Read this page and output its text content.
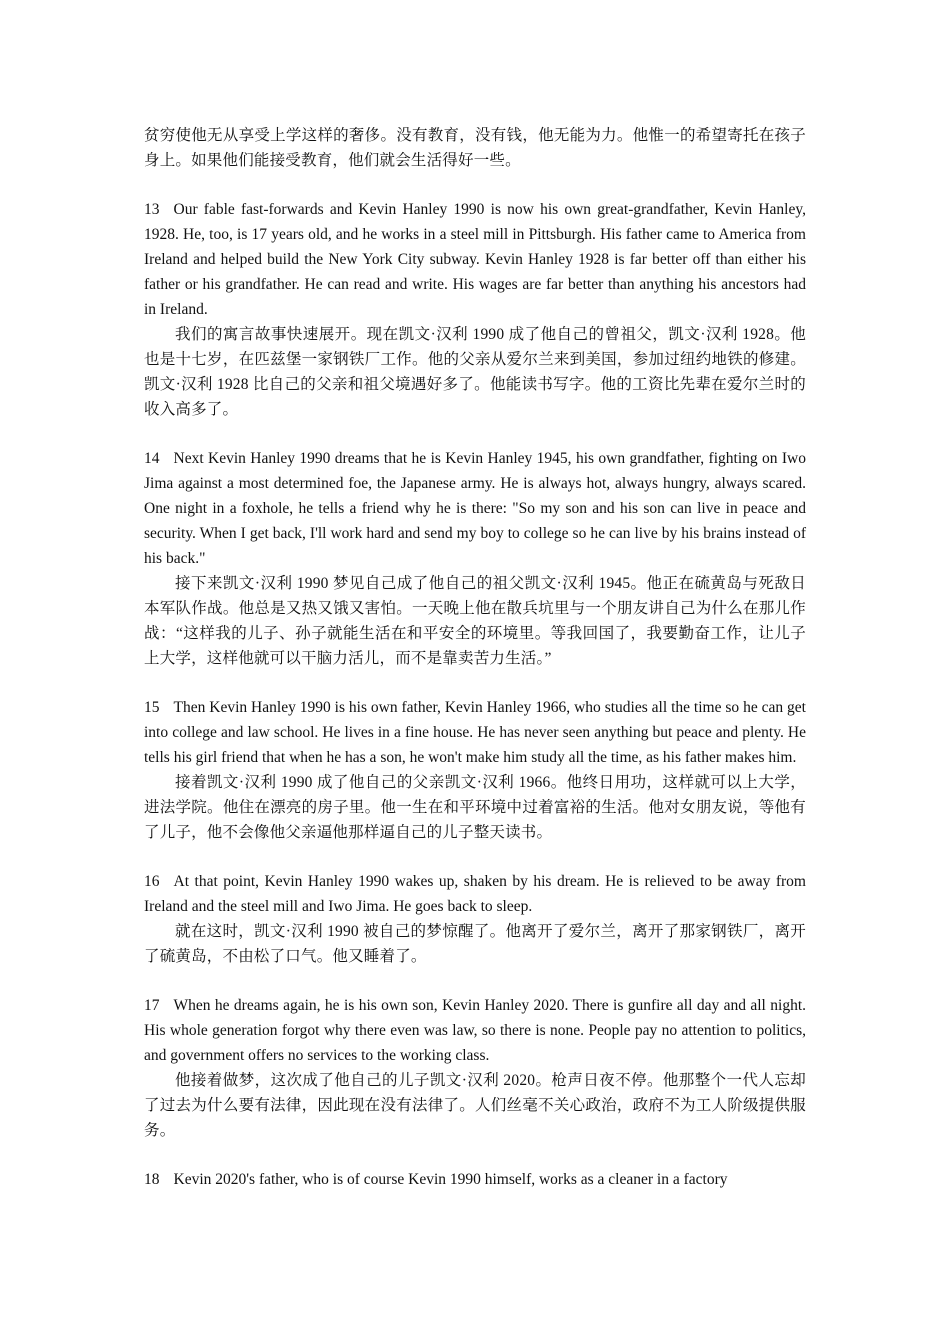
贫穷使他无从享受上学这样的奢侈。没有教育，没有钱，他无能为力。他惟一的希望寄托在孩子身上。如果他们能接受教育，他们就会生活得好一些。

13 Our fable fast-forwards and Kevin Hanley 1990 is now his own great-grandfather, Kevin Hanley, 1928. He, too, is 17 years old, and he works in a steel mill in Pittsburgh. His father came to America from Ireland and helped build the New York City subway. Kevin Hanley 1928 is far better off than either his father or his grandfather. He can read and write. His wages are far better than anything his ancestors had in Ireland.

我们的寓言故事快速展开。现在凯文·汉利 1990 成了他自己的曾祖父，凯文·汉利 1928。他也是十七岁，在匹兹堡一家钢铁厂工作。他的父亲从爱尔兰来到美国，参加过纽约地铁的修建。凯文·汉利 1928 比自己的父亲和祖父境遇好多了。他能读书写字。他的工资比先辈在爱尔兰时的收入高多了。

14 Next Kevin Hanley 1990 dreams that he is Kevin Hanley 1945, his own grandfather, fighting on Iwo Jima against a most determined foe, the Japanese army. He is always hot, always hungry, always scared. One night in a foxhole, he tells a friend why he is there: "So my son and his son can live in peace and security. When I get back, I'll work hard and send my boy to college so he can live by his brains instead of his back."

接下来凯文·汉利 1990 梦见自己成了他自己的祖父凯文·汉利 1945。他正在硫黄岛与死敌日本军队作战。他总是又热又饿又害怕。一天晚上他在散兵坑里与一个朋友讲自己为什么在那儿作战：“这样我的儿子、孙子就能生活在和平安全的环境里。等我回国了，我要勤奋工作，让儿子上大学，这样他就可以干脑力活儿，而不是靠卖苦力生活。”

15 Then Kevin Hanley 1990 is his own father, Kevin Hanley 1966, who studies all the time so he can get into college and law school. He lives in a fine house. He has never seen anything but peace and plenty. He tells his girl friend that when he has a son, he won't make him study all the time, as his father makes him.

接着凯文·汉利 1990 成了他自己的父亲凯文·汉利 1966。他终日用功，这样就可以上大学，进法学院。他住在漂亮的房子里。他一生在和平环境中过着富裕的生活。他对女朋友说，等他有了儿子，他不会像他父亲逼他那样逼自己的儿子整天读书。

16 At that point, Kevin Hanley 1990 wakes up, shaken by his dream. He is relieved to be away from Ireland and the steel mill and Iwo Jima. He goes back to sleep.

就在这时，凯文·汉利 1990 被自己的梦惊醒了。他离开了爱尔兰，离开了那家钢铁厂，离开了硫黄岛，不由松了口气。他又睡着了。

17 When he dreams again, he is his own son, Kevin Hanley 2020. There is gunfire all day and all night. His whole generation forgot why there even was law, so there is none. People pay no attention to politics, and government offers no services to the working class.

他接着做梦，这次成了他自己的儿子凯文·汉利 2020。枪声日夜不停。他那整个一代人忘却了过去为什么要有法律，因此现在没有法律了。人们丝毫不关心政治，政府不为工人阶级提供服务。

18 Kevin 2020's father, who is of course Kevin 1990 himself, works as a cleaner in a factory
